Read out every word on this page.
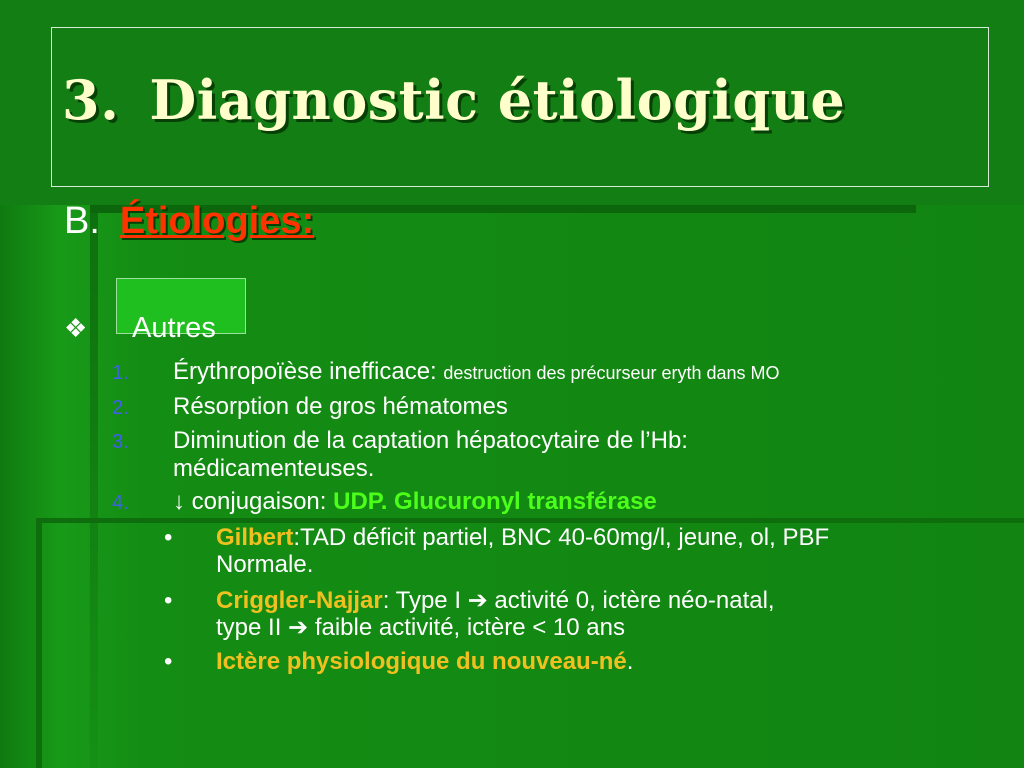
3. Diagnostic étiologique
B. Étiologies:
❖ Autres
1. Érythropoïèse inefficace: destruction des précurseur eryth dans MO
2. Résorption de gros hématomes
3. Diminution de la captation hépatocytaire de l’Hb:
médicamenteuses.
4. ↓ conjugaison: UDP. Glucuronyl transférase
• Gilbert:TAD déficit partiel, BNC 40-60mg/l, jeune, ol, PBF
Normale.
• Criggler-Najjar: Type I ➔ activité 0, ictère néo-natal,
type II ➔ faible activité, ictère < 10 ans
• Ictère physiologique du nouveau-né.
